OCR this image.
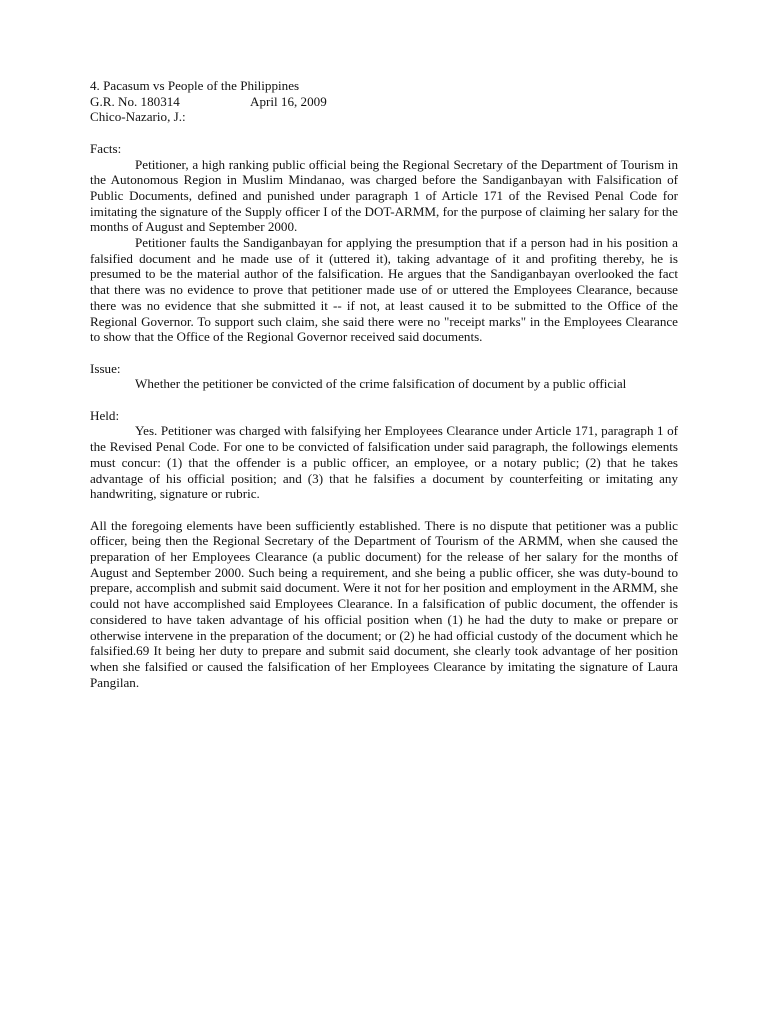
4. Pacasum vs People of the Philippines
G.R. No. 180314	April 16, 2009
Chico-Nazario, J.:
Facts:

Petitioner, a high ranking public official being the Regional Secretary of the Department of Tourism in the Autonomous Region in Muslim Mindanao, was charged before the Sandiganbayan with Falsification of Public Documents, defined and punished under paragraph 1 of Article 171 of the Revised Penal Code for imitating the signature of the Supply officer I of the DOT-ARMM, for the purpose of claiming her salary for the months of August and September 2000.

Petitioner faults the Sandiganbayan for applying the presumption that if a person had in his position a falsified document and he made use of it (uttered it), taking advantage of it and profiting thereby, he is presumed to be the material author of the falsification. He argues that the Sandiganbayan overlooked the fact that there was no evidence to prove that petitioner made use of or uttered the Employees Clearance, because there was no evidence that she submitted it -- if not, at least caused it to be submitted to the Office of the Regional Governor. To support such claim, she said there were no "receipt marks" in the Employees Clearance to show that the Office of the Regional Governor received said documents.

Issue:

Whether the petitioner be convicted of the crime falsification of document by a public official

Held:

Yes. Petitioner was charged with falsifying her Employees Clearance under Article 171, paragraph 1 of the Revised Penal Code. For one to be convicted of falsification under said paragraph, the followings elements must concur: (1) that the offender is a public officer, an employee, or a notary public; (2) that he takes advantage of his official position; and (3) that he falsifies a document by counterfeiting or imitating any handwriting, signature or rubric.

All the foregoing elements have been sufficiently established. There is no dispute that petitioner was a public officer, being then the Regional Secretary of the Department of Tourism of the ARMM, when she caused the preparation of her Employees Clearance (a public document) for the release of her salary for the months of August and September 2000. Such being a requirement, and she being a public officer, she was duty-bound to prepare, accomplish and submit said document. Were it not for her position and employment in the ARMM, she could not have accomplished said Employees Clearance. In a falsification of public document, the offender is considered to have taken advantage of his official position when (1) he had the duty to make or prepare or otherwise intervene in the preparation of the document; or (2) he had official custody of the document which he falsified.69 It being her duty to prepare and submit said document, she clearly took advantage of her position when she falsified or caused the falsification of her Employees Clearance by imitating the signature of Laura Pangilan.
